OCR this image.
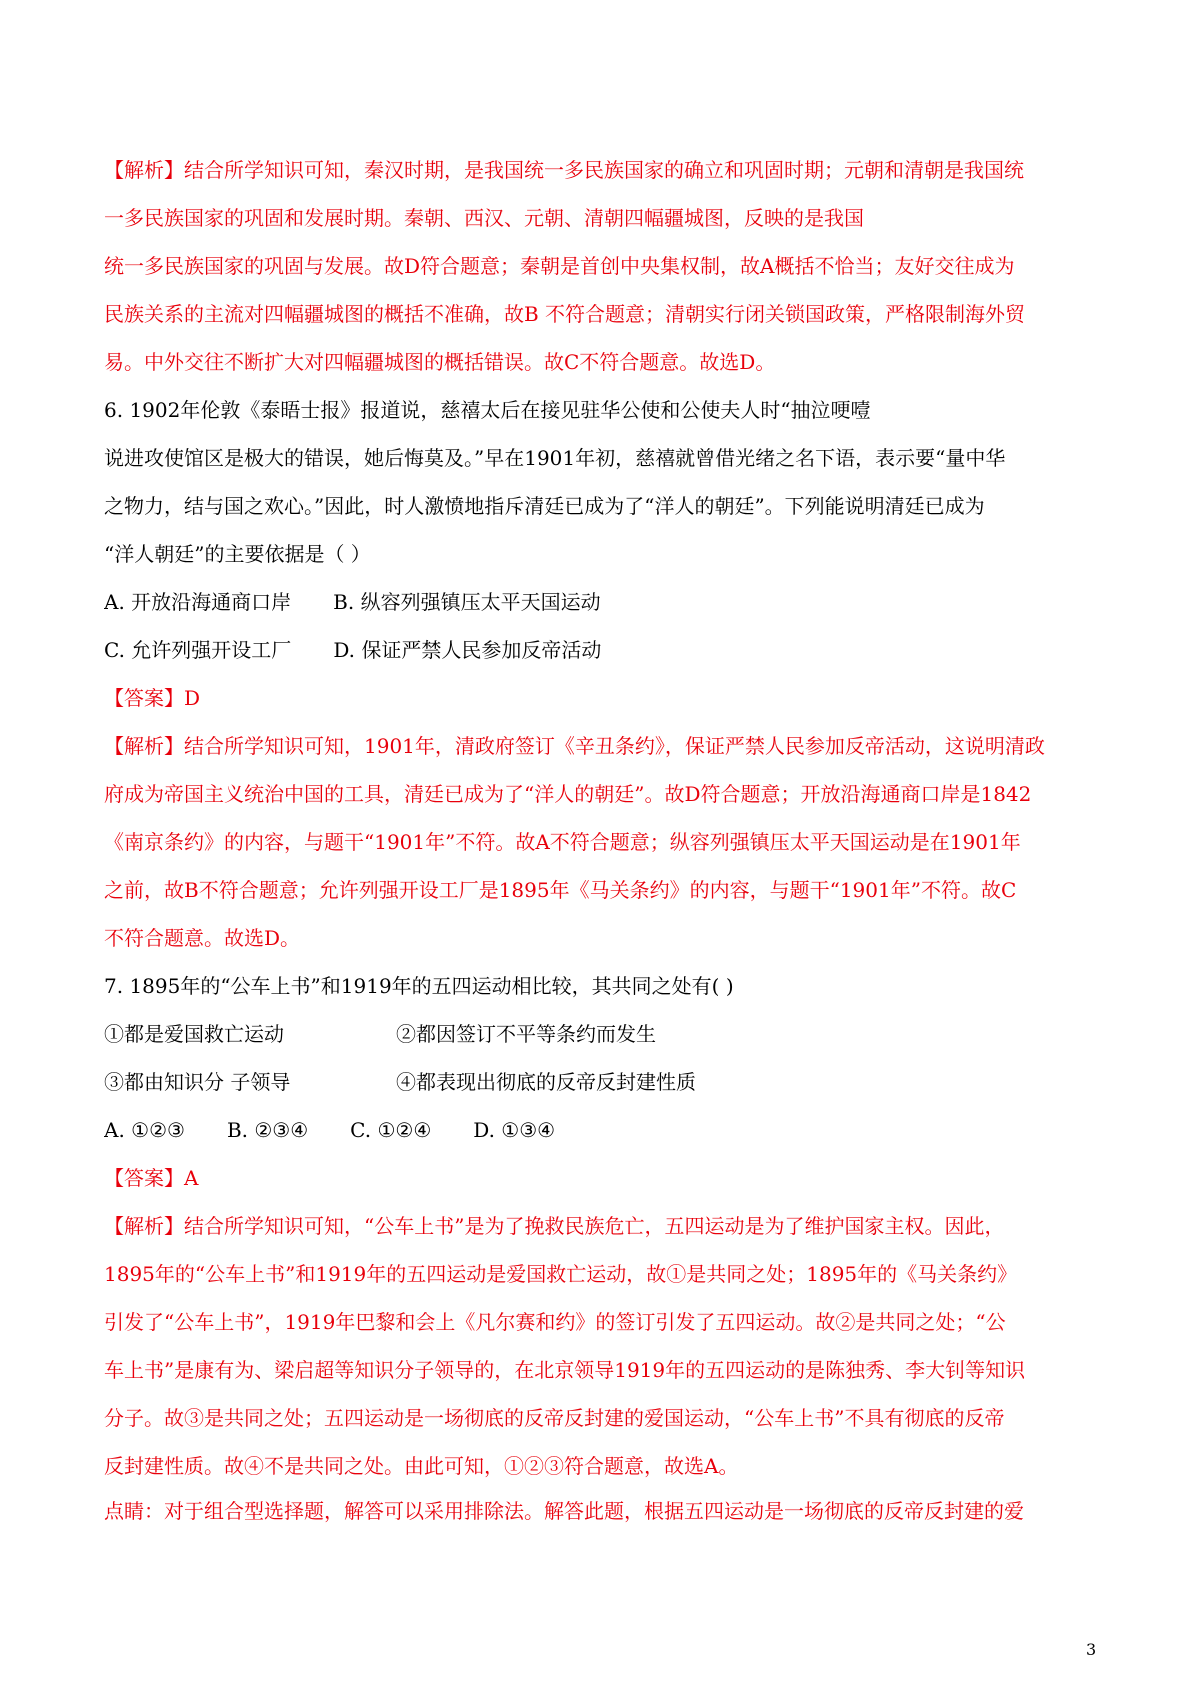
【解析】结合所学知识可知，秦汉时期，是我国统一多民族国家的确立和巩固时期；元朝和清朝是我国统
一多民族国家的巩固和发展时期。秦朝、西汉、元朝、清朝四幅疆城图，反映的是我国
统一多民族国家的巩固与发展。故D符合题意；秦朝是首创中央集权制，故A概括不恰当；友好交往成为
民族关系的主流对四幅疆城图的概括不准确，故B 不符合题意；清朝实行闭关锁国政策，严格限制海外贸
易。中外交往不断扩大对四幅疆城图的概括错误。故C不符合题意。故选D。
6. 1902年伦敦《泰晤士报》报道说，慈禧太后在接见驻华公使和公使夫人时“抽泣哽噎
说进攻使馆区是极大的错误，她后悔莫及。”早在1901年初，慈禧就曾借光绪之名下语，表示要“量中华
之物力，结与国之欢心。”因此，时人激愤地指斥清廷已成为了“洋人的朝廷”。下列能说明清廷已成为
“洋人朝廷”的主要依据是（ ）
A. 开放沿海通商口岸 B. 纵容列强镇压太平天国运动
C. 允许列强开设工厂 D. 保证严禁人民参加反帝活动
【答案】D
【解析】结合所学知识可知，1901年，清政府签订《辛丑条约》，保证严禁人民参加反帝活动，这说明清政
府成为帝国主义统治中国的工具，清廷已成为了“洋人的朝廷”。故D符合题意；开放沿海通商口岸是1842
《南京条约》的内容，与题干“1901年”不符。故A不符合题意；纵容列强镇压太平天国运动是在1901年
之前，故B不符合题意；允许列强开设工厂是1895年《马关条约》的内容，与题干“1901年”不符。故C
不符合题意。故选D。
7. 1895年的“公车上书”和1919年的五四运动相比较，其共同之处有( )
①都是爱国救亡运动	②都因签订不平等条约而发生
③都由知识分 子领导	④都表现出彻底的反帝反封建性质
A. ①②③ B. ②③④ C. ①②④ D. ①③④
【答案】A
【解析】结合所学知识可知，“公车上书”是为了挽救民族危亡，五四运动是为了维护国家主权。因此，
1895年的“公车上书”和1919年的五四运动是爱国救亡运动，故①是共同之处；1895年的《马关条约》
引发了“公车上书”，1919年巴黎和会上《凡尔赛和约》的签订引发了五四运动。故②是共同之处；“公
车上书”是康有为、梁启超等知识分子领导的，在北京领导1919年的五四运动的是陈独秀、李大钊等知识
分子。故③是共同之处；五四运动是一场彻底的反帝反封建的爱国运动，“公车上书”不具有彻底的反帝
反封建性质。故④不是共同之处。由此可知，①②③符合题意，故选A。
点睛：对于组合型选择题，解答可以采用排除法。解答此题，根据五四运动是一场彻底的反帝反封建的爱
3
